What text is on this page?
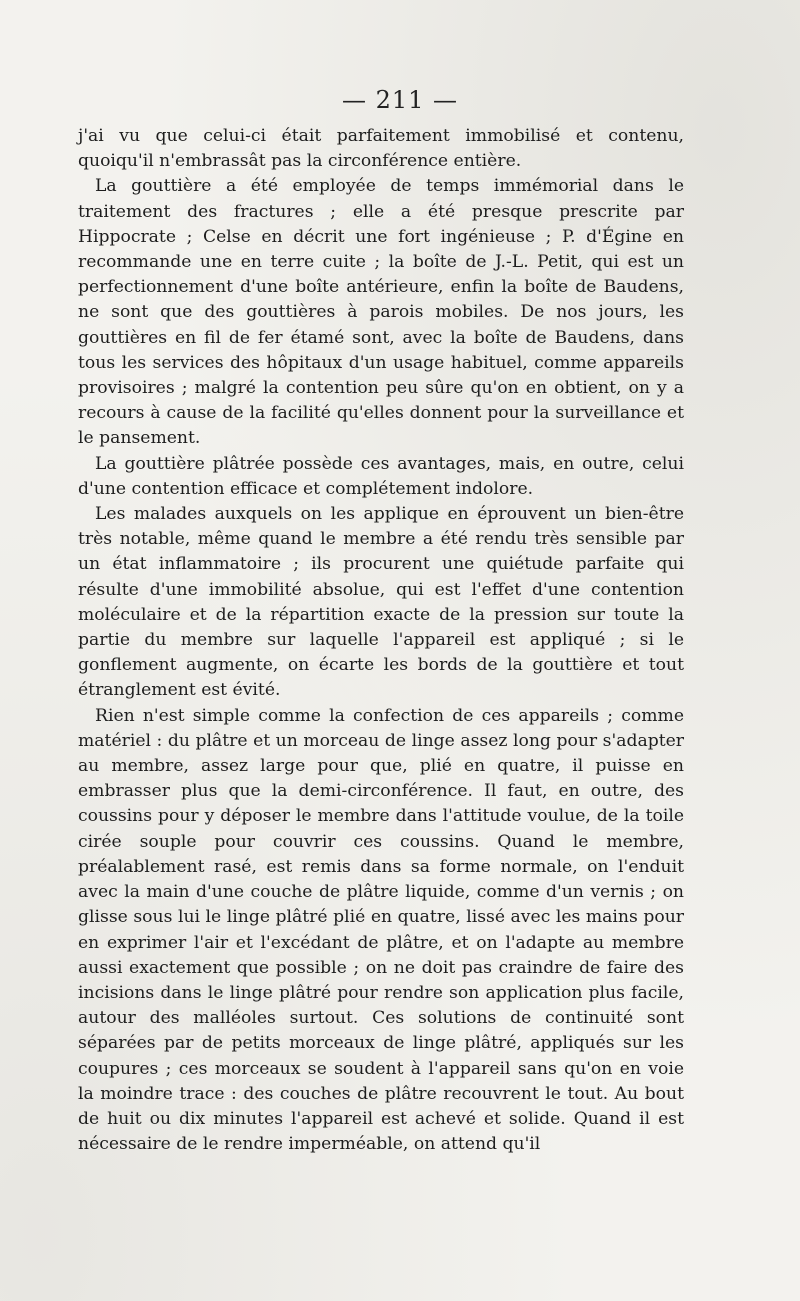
— 211 —

j'ai vu que celui-ci était parfaitement immobilisé et contenu, quoiqu'il n'embrassât pas la circonférence entière.

La gouttière a été employée de temps immémorial dans le traitement des fractures ; elle a été presque prescrite par Hippocrate ; Celse en décrit une fort ingénieuse ; P. d'Égine en recommande une en terre cuite ; la boîte de J.-L. Petit, qui est un perfectionnement d'une boîte antérieure, enfin la boîte de Baudens, ne sont que des gouttières à parois mobiles. De nos jours, les gouttières en fil de fer étamé sont, avec la boîte de Baudens, dans tous les services des hôpitaux d'un usage habituel, comme appareils provisoires ; malgré la contention peu sûre qu'on en obtient, on y a recours à cause de la facilité qu'elles donnent pour la surveillance et le pansement.

La gouttière plâtrée possède ces avantages, mais, en outre, celui d'une contention efficace et complétement indolore.

Les malades auxquels on les applique en éprouvent un bien-être très notable, même quand le membre a été rendu très sensible par un état inflammatoire ; ils procurent une quiétude parfaite qui résulte d'une immobilité absolue, qui est l'effet d'une contention moléculaire et de la répartition exacte de la pression sur toute la partie du membre sur laquelle l'appareil est appliqué ; si le gonflement augmente, on écarte les bords de la gouttière et tout étranglement est évité.

Rien n'est simple comme la confection de ces appareils ; comme matériel : du plâtre et un morceau de linge assez long pour s'adapter au membre, assez large pour que, plié en quatre, il puisse en embrasser plus que la demi-circonférence. Il faut, en outre, des coussins pour y déposer le membre dans l'attitude voulue, de la toile cirée souple pour couvrir ces coussins. Quand le membre, préalablement rasé, est remis dans sa forme normale, on l'enduit avec la main d'une couche de plâtre liquide, comme d'un vernis ; on glisse sous lui le linge plâtré plié en quatre, lissé avec les mains pour en exprimer l'air et l'excédant de plâtre, et on l'adapte au membre aussi exactement que possible ; on ne doit pas craindre de faire des incisions dans le linge plâtré pour rendre son application plus facile, autour des malléoles surtout. Ces solutions de continuité sont séparées par de petits morceaux de linge plâtré, appliqués sur les coupures ; ces morceaux se soudent à l'appareil sans qu'on en voie la moindre trace : des couches de plâtre recouvrent le tout. Au bout de huit ou dix minutes l'appareil est achevé et solide. Quand il est nécessaire de le rendre imperméable, on attend qu'il
